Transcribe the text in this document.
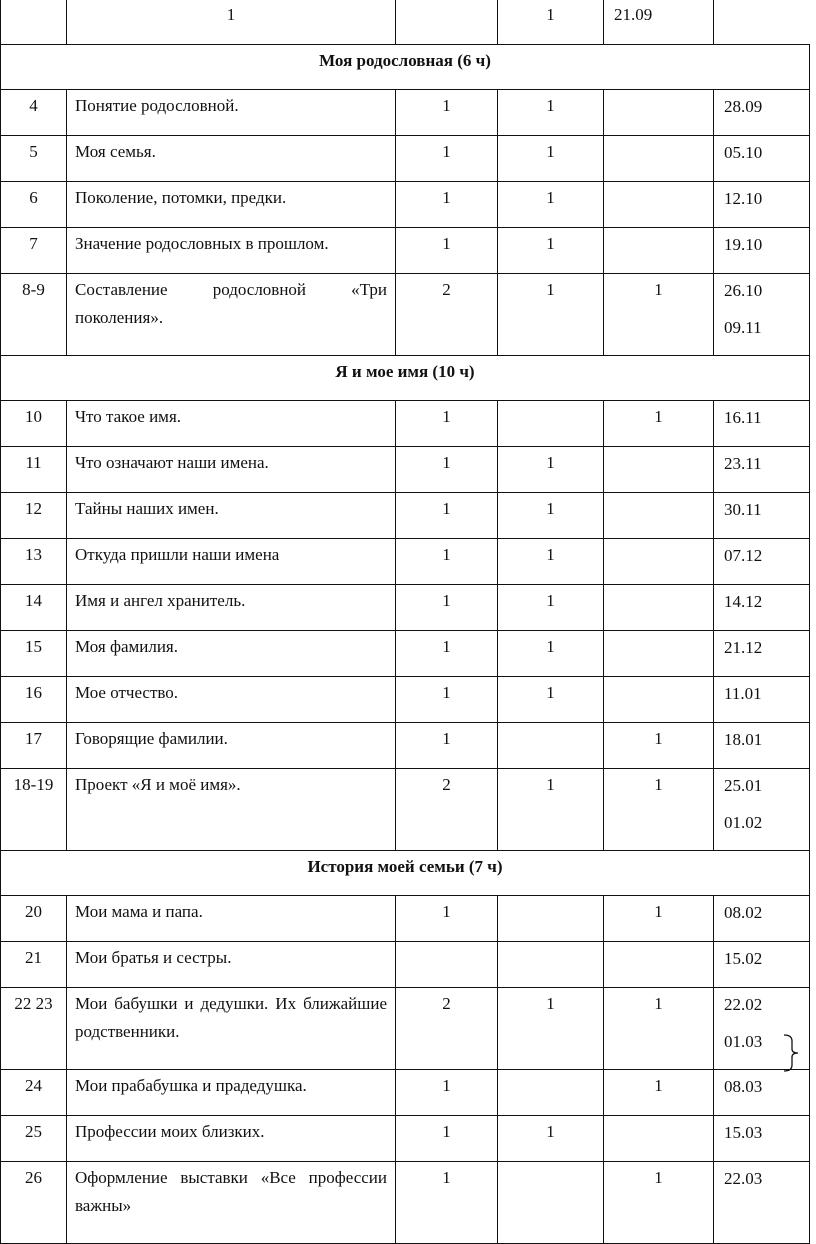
	1		1	21.09	
Моя родословная (6 ч)					
4	Понятие родословной.	1	1		28.09

5	Моя семья.	1	1		05.10

6	Поколение, потомки, предки.	1	1		12.10

7	Значение родословных в прошлом.	1	1		19.10

8-9	Составление родословной «Три поколения».	2	1	1	26.10
09.11

Я и мое имя (10 ч)					
10	Что такое имя.	1		1	16.11

11	Что означают наши имена.	1	1		23.11

12	Тайны наших имен.	1	1		30.11

13	Откуда пришли наши имена	1	1		07.12

14	Имя и ангел хранитель.	1	1		14.12

15	Моя фамилия.	1	1		21.12

16	Мое отчество.	1	1		11.01

17	Говорящие фамилии.	1		1	18.01

18-19	Проект «Я и моё имя».	2	1	1	25.01
01.02

История моей семьи (7 ч)					
20	Мои мама и папа.	1		1	08.02

21	Мои братья и сестры.				15.02

22 23	Мои бабушки и дедушки. Их ближайшие родственники.	2	1	1	22.02
01.03

24	Мои прабабушка и прадедушка.	1		1	08.03

25	Профессии моих близких.	1	1		15.03

26	Оформление выставки «Все профессии важны»	1		1	22.03
